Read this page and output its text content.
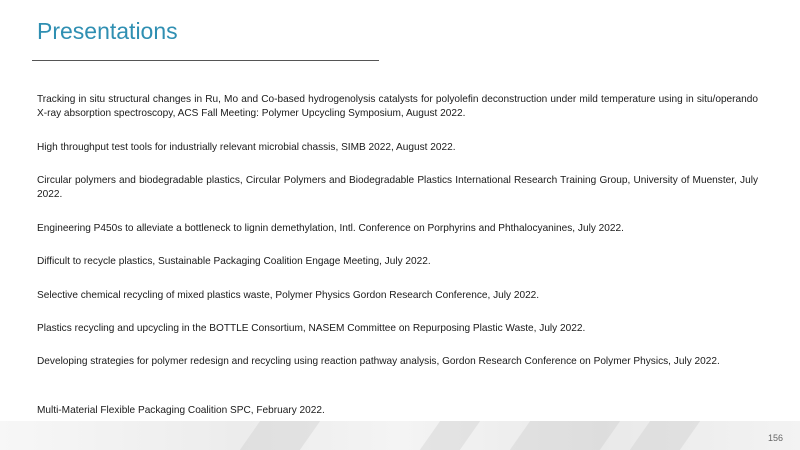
Presentations
Tracking in situ structural changes in Ru, Mo and Co-based hydrogenolysis catalysts for polyolefin deconstruction under mild temperature using in situ/operando X-ray absorption spectroscopy, ACS Fall Meeting: Polymer Upcycling Symposium, August 2022.
High throughput test tools for industrially relevant microbial chassis, SIMB 2022, August 2022.
Circular polymers and biodegradable plastics, Circular Polymers and Biodegradable Plastics International Research Training Group, University of Muenster, July 2022.
Engineering P450s to alleviate a bottleneck to lignin demethylation, Intl. Conference on Porphyrins and Phthalocyanines, July 2022.
Difficult to recycle plastics, Sustainable Packaging Coalition Engage Meeting, July 2022.
Selective chemical recycling of mixed plastics waste, Polymer Physics Gordon Research Conference, July 2022.
Plastics recycling and upcycling in the BOTTLE Consortium, NASEM Committee on Repurposing Plastic Waste, July 2022.
Developing strategies for polymer redesign and recycling using reaction pathway analysis, Gordon Research Conference on Polymer Physics, July 2022.
Multi-Material Flexible Packaging Coalition SPC, February 2022.
156
